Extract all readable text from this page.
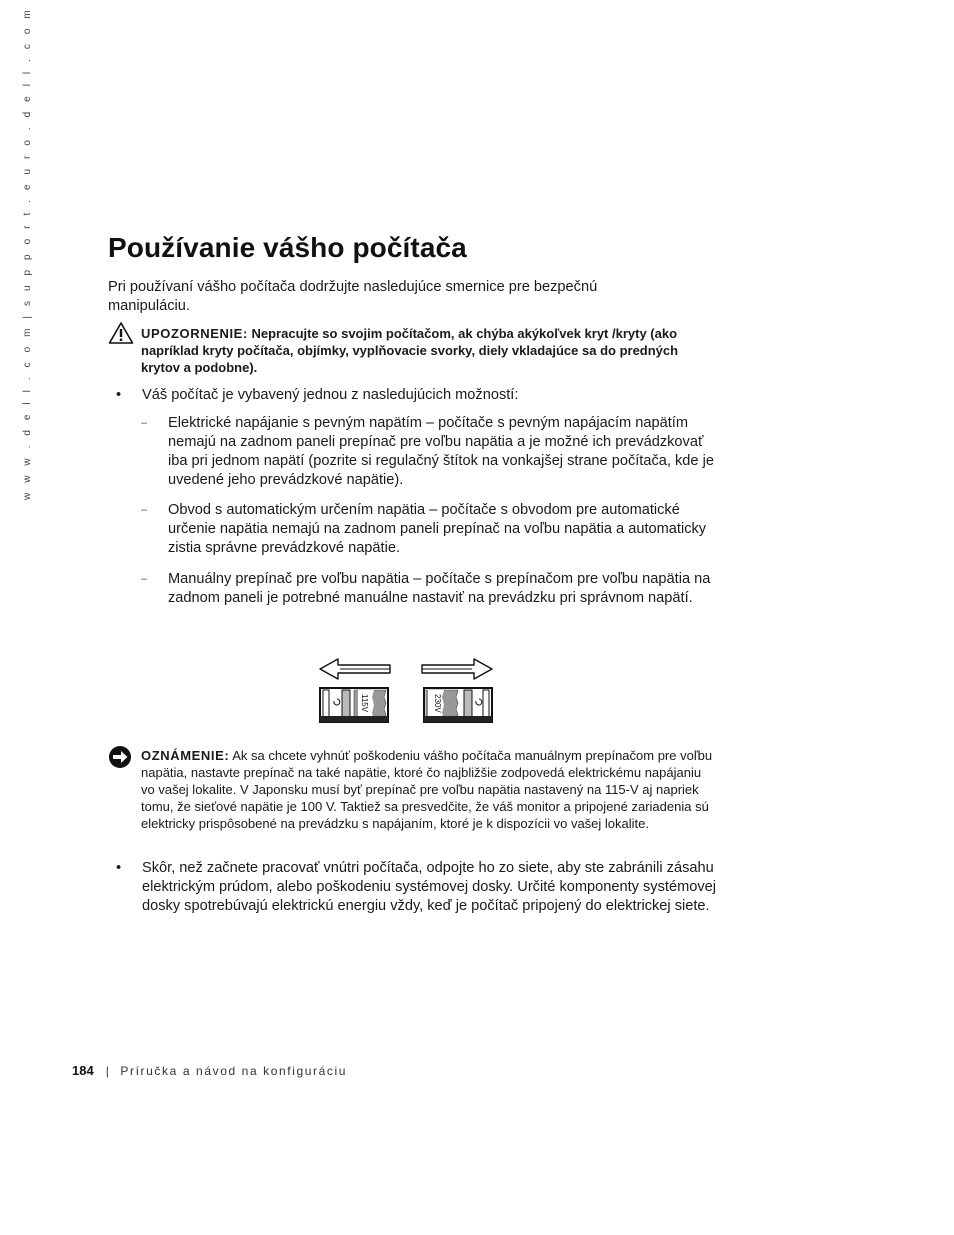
w w w . d e l l . c o m | s u p p o r t . e u r o . d e l l . c o m	Používanie vášho počítača

Pri používaní vášho počítača dodržujte nasledujúce smernice pre bezpečnú manipuláciu.

UPOZORNENIE: Nepracujte so svojim počítačom, ak chýba akýkoľvek kryt /kryty (ako napríklad kryty počítača, objímky, vyplňovacie svorky, diely vkladajúce sa do predných krytov a podobne).

• Váš počítač je vybavený jednou z nasledujúcich možností:

– Elektrické napájanie s pevným napätím – počítače s pevným napájacím napätím nemajú na zadnom paneli prepínač pre voľbu napätia a je možné ich prevádzkovať iba pri jednom napätí (pozrite si regulačný štítok na vonkajšej strane počítača, kde je uvedené jeho prevádzkové napätie).

– Obvod s automatickým určením napätia – počítače s obvodom pre automatické určenie napätia nemajú na zadnom paneli prepínač na voľbu napätia a automaticky zistia správne prevádzkové napätie.

– Manuálny prepínač pre voľbu napätia – počítače s prepínačom pre voľbu napätia na zadnom paneli je potrebné manuálne nastaviť na prevádzku pri správnom napätí.

115V	230V

OZNÁMENIE: Ak sa chcete vyhnúť poškodeniu vášho počítača manuálnym prepínačom pre voľbu napätia, nastavte prepínač na také napätie, ktoré čo najbližšie zodpovedá elektrickému napájaniu vo vašej lokalite. V Japonsku musí byť prepínač pre voľbu napätia nastavený na 115-V aj napriek tomu, že sieťové napätie je 100 V. Taktiež sa presvedčite, že váš monitor a pripojené zariadenia sú elektricky prispôsobené na prevádzku s napájaním, ktoré je k dispozícii vo vašej lokalite.

• Skôr, než začnete pracovať vnútri počítača, odpojte ho zo siete, aby ste zabránili zásahu elektrickým prúdom, alebo poškodeniu systémovej dosky. Určité komponenty systémovej dosky spotrebúvajú elektrickú energiu vždy, keď je počítač pripojený do elektrickej siete.

184 | Príručka a návod na konfiguráciu
